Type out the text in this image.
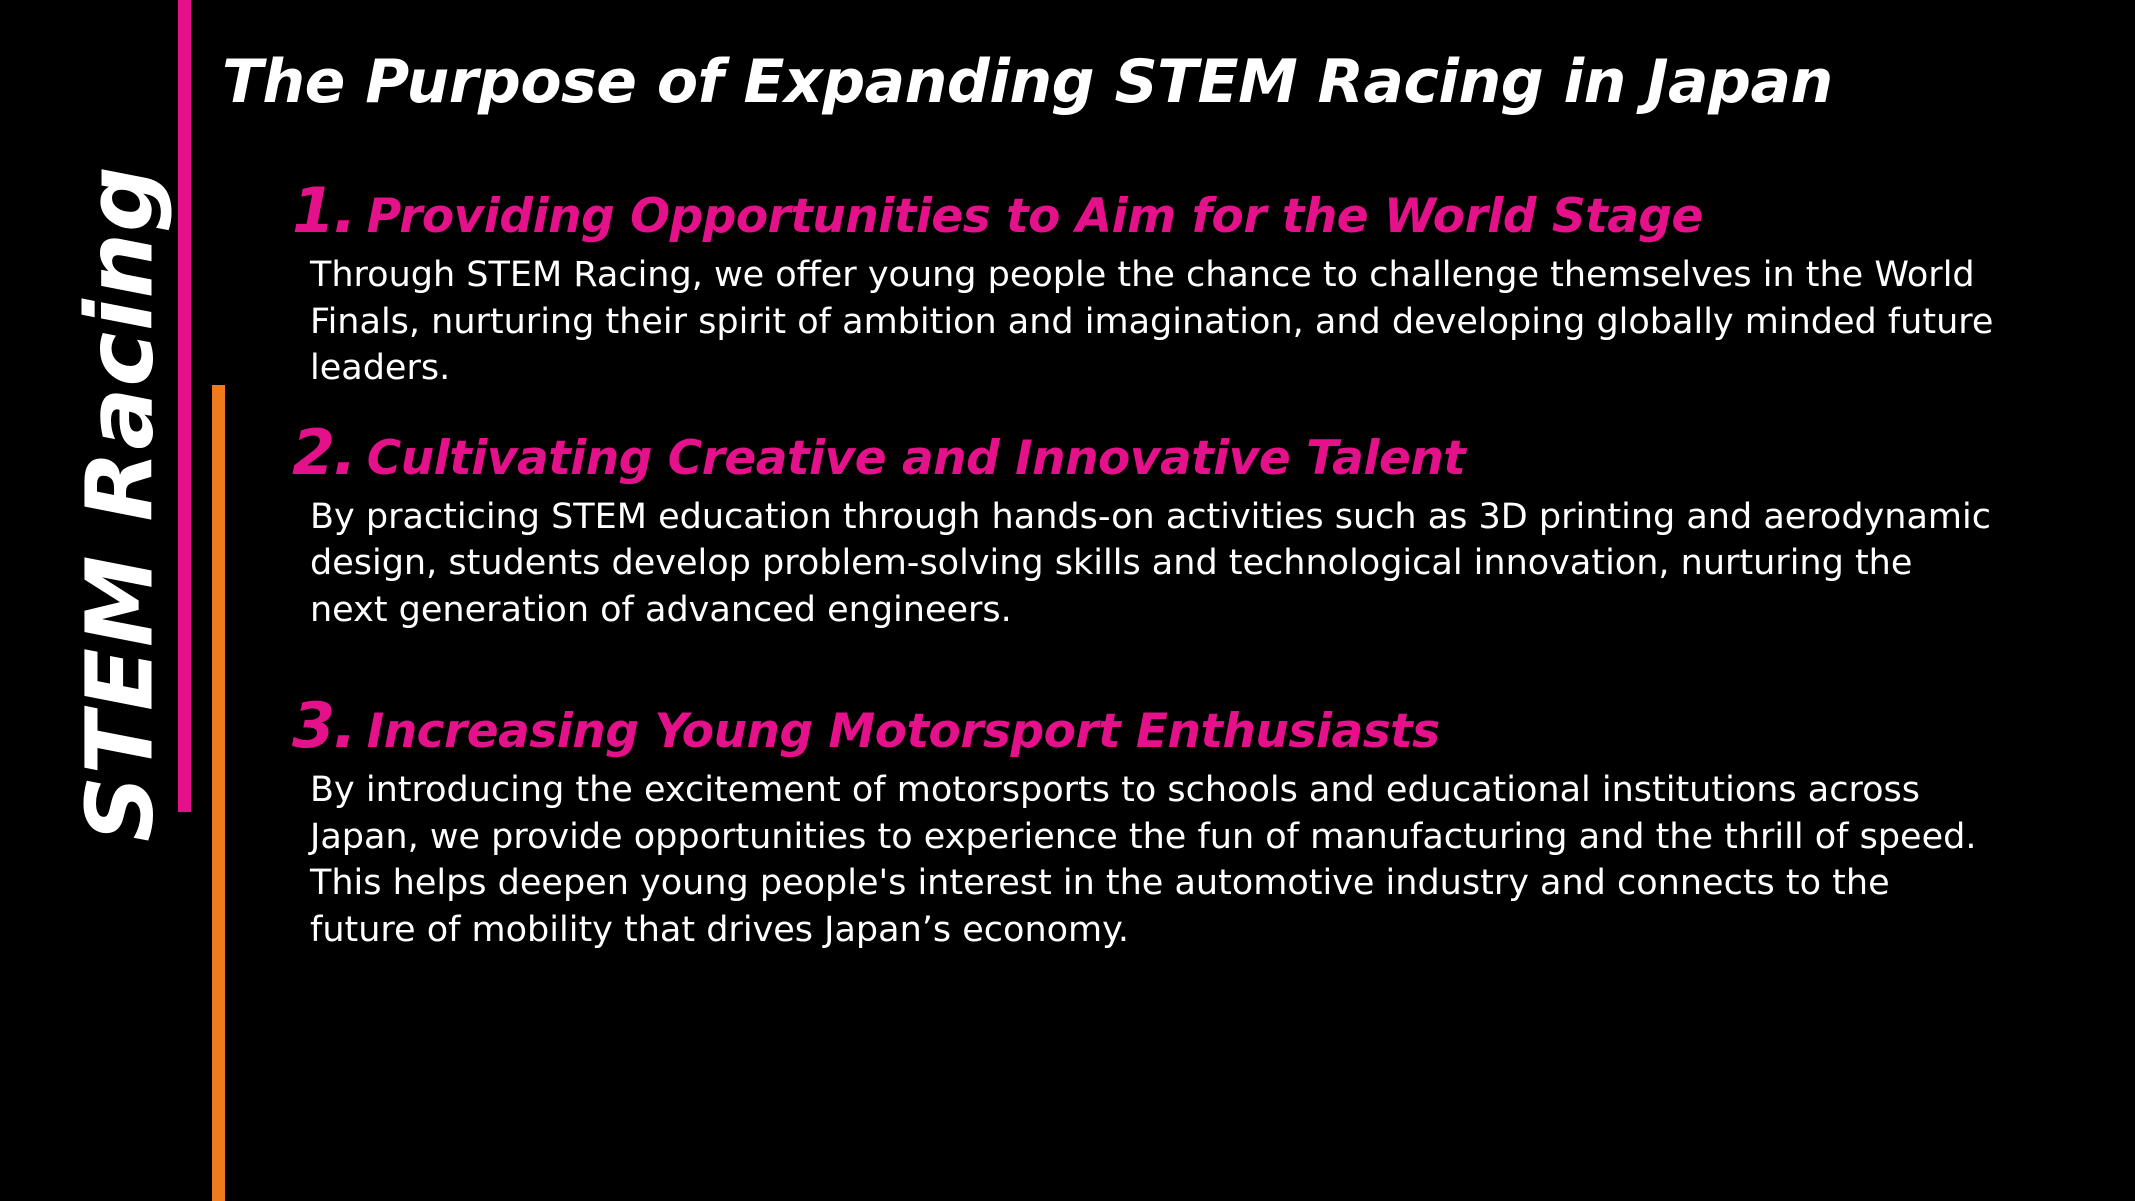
STEM Racing
The Purpose of Expanding STEM Racing in Japan
1. Providing Opportunities to Aim for the World Stage
Through STEM Racing, we offer young people the chance to challenge themselves in the World Finals, nurturing their spirit of ambition and imagination, and developing globally minded future leaders.
2. Cultivating Creative and Innovative Talent
By practicing STEM education through hands-on activities such as 3D printing and aerodynamic design, students develop problem-solving skills and technological innovation, nurturing the next generation of advanced engineers.
3. Increasing Young Motorsport Enthusiasts
By introducing the excitement of motorsports to schools and educational institutions across Japan, we provide opportunities to experience the fun of manufacturing and the thrill of speed. This helps deepen young people's interest in the automotive industry and connects to the future of mobility that drives Japan’s economy.
